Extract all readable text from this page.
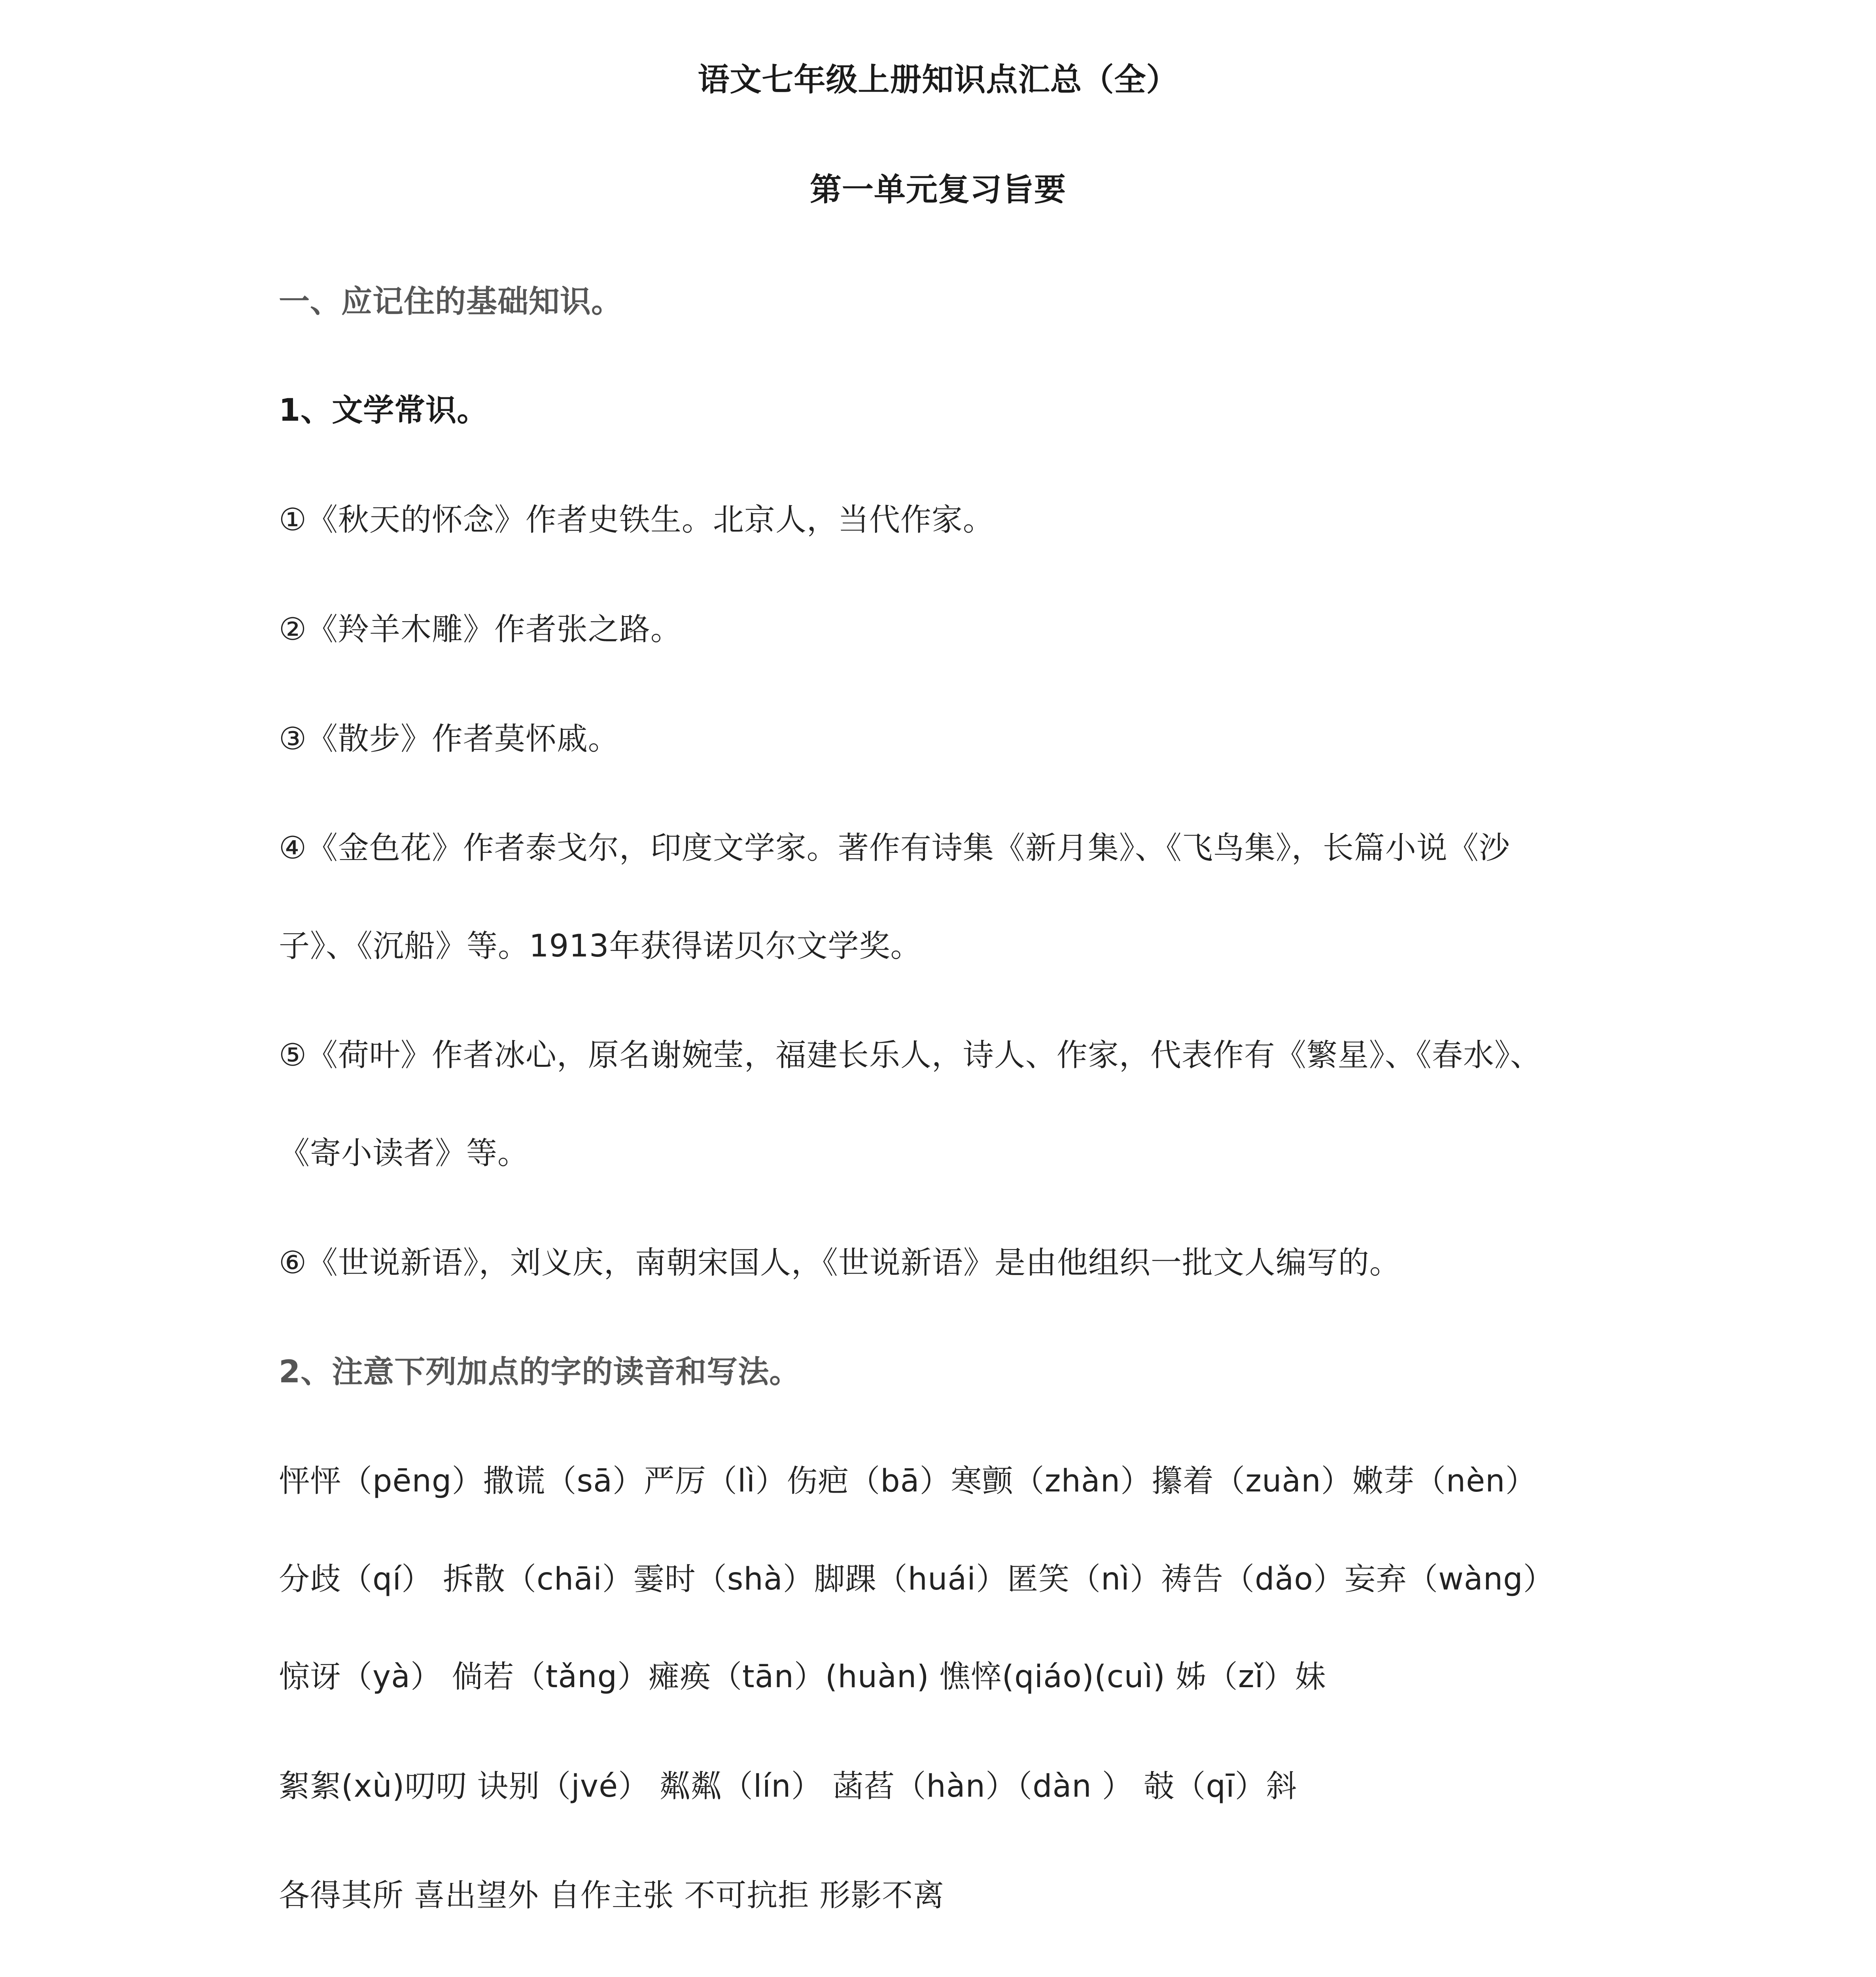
语文七年级上册知识点汇总（全）
第一单元复习旨要
一、应记住的基础知识。
1、文学常识。
①《秋天的怀念》作者史铁生。北京人，当代作家。
②《羚羊木雕》作者张之路。
③《散步》作者莫怀戚。
④《金色花》作者泰戈尔，印度文学家。著作有诗集《新月集》、《飞鸟集》，长篇小说《沙
子》、《沉船》等。1913年获得诺贝尔文学奖。
⑤《荷叶》作者冰心，原名谢婉莹，福建长乐人，诗人、作家，代表作有《繁星》、《春水》、
《寄小读者》等。
⑥《世说新语》，刘义庆，南朝宋国人，《世说新语》是由他组织一批文人编写的。
2、注意下列加点的字的读音和写法。
怦怦（pēng）撒谎（sā）严厉（lì）伤疤（bā）寒颤（zhàn）攥着（zuàn）嫩芽（nèn）
分歧（qí） 拆散（chāi）霎时（shà）脚踝（huái）匿笑（nì）祷告（dǎo）妄弃（wàng）
惊讶（yà） 倘若（tǎng）瘫痪（tān）(huàn) 憔悴(qiáo)(cuì) 姊（zǐ）妹
絮絮(xù)叨叨 诀别（jvé） 粼粼（lín） 菡萏（hàn）（dàn ） 攲（qī）斜
各得其所 喜出望外 自作主张 不可抗拒 形影不离
